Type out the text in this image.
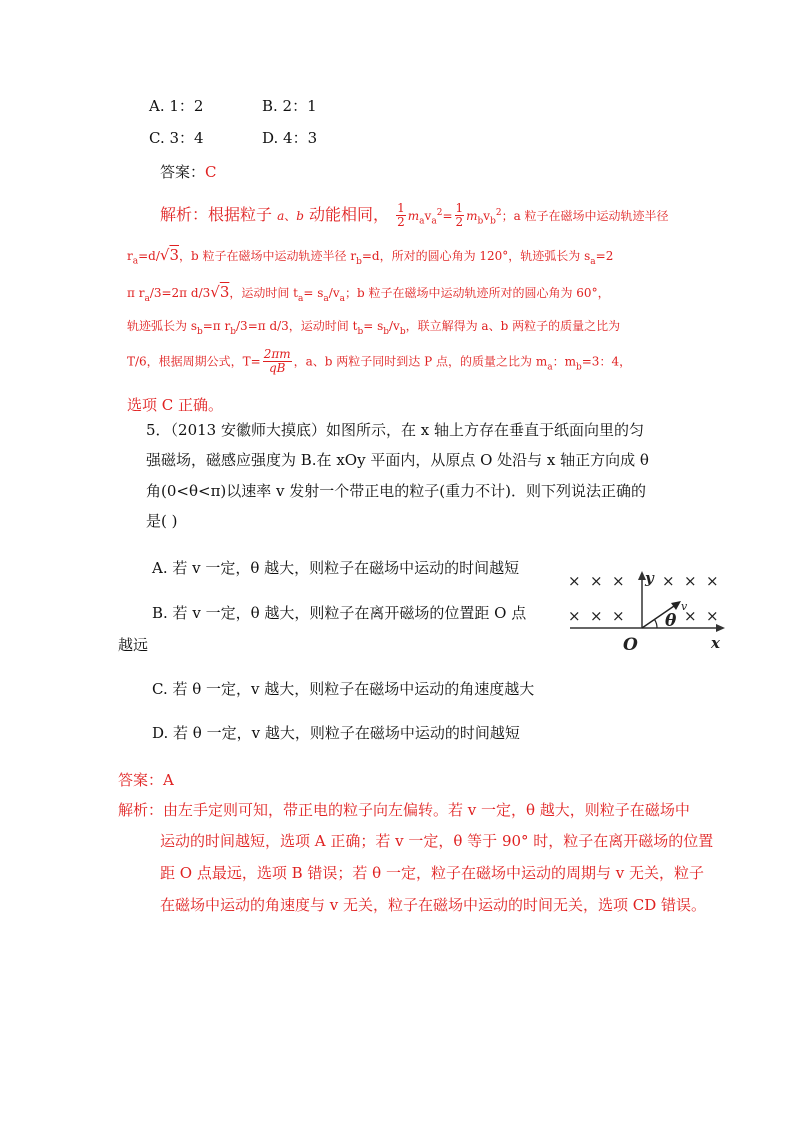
A. 1：2	B. 2：1
C. 3：4	D. 4：3
答案：C
解析：根据粒子 a、b 动能相同， $\frac{1}{2} m_av_a^2= \frac{1}{2} m_bv_b^2$；a 粒子在磁场中运动轨迹半径
$r_a=d/√3$，b 粒子在磁场中运动轨迹半径 $r_b=d$，所对的圆心角为 120°，轨迹弧长为 $s_a=2$
π $r_a/3=2\pi$ d/3√3，运动时间 $t_a= s_a/v_a$；b 粒子在磁场中运动轨迹所对的圆心角为 60°，
轨迹弧长为 $s_b=\pi$ $r_b/3=\pi$ d/3，运动时间 $t_b= s_b/v_b$，联立解得为 a、b 两粒子的质量之比为
T/6，根据周期公式，$T= \frac{2\pi m}{qB}$ ，a、b 两粒子同时到达 P 点，的质量之比为 $m_a$：$m_b=3$：4，
选项 C 正确。
5．（2013 安徽师大摸底）如图所示，在 x 轴上方存在垂直于纸面向里的匀
强磁场，磁感应强度为 B.在 xOy 平面内，从原点 O 处沿与 x 轴正方向成 θ
角(0<θ<π)以速率 v 发射一个带正电的粒子(重力不计)．则下列说法正确的
是( )
A. 若 v 一定，θ 越大，则粒子在磁场中运动的时间越短
B. 若 v 一定，θ 越大，则粒子在离开磁场的位置距 O 点
越远
C. 若 θ 一定，v 越大，则粒子在磁场中运动的角速度越大
D. 若 θ 一定，v 越大，则粒子在磁场中运动的时间越短
× × × × × ×
× × ×	× ×
y
x
O
v
θ
答案：A
解析：由左手定则可知，带正电的粒子向左偏转。若 v 一定，θ 越大，则粒子在磁场中
运动的时间越短，选项 A 正确；若 v 一定，θ 等于 90° 时，粒子在离开磁场的位置
距 O 点最远，选项 B 错误；若 θ 一定，粒子在磁场中运动的周期与 v 无关，粒子
在磁场中运动的角速度与 v 无关，粒子在磁场中运动的时间无关，选项 CD 错误。
